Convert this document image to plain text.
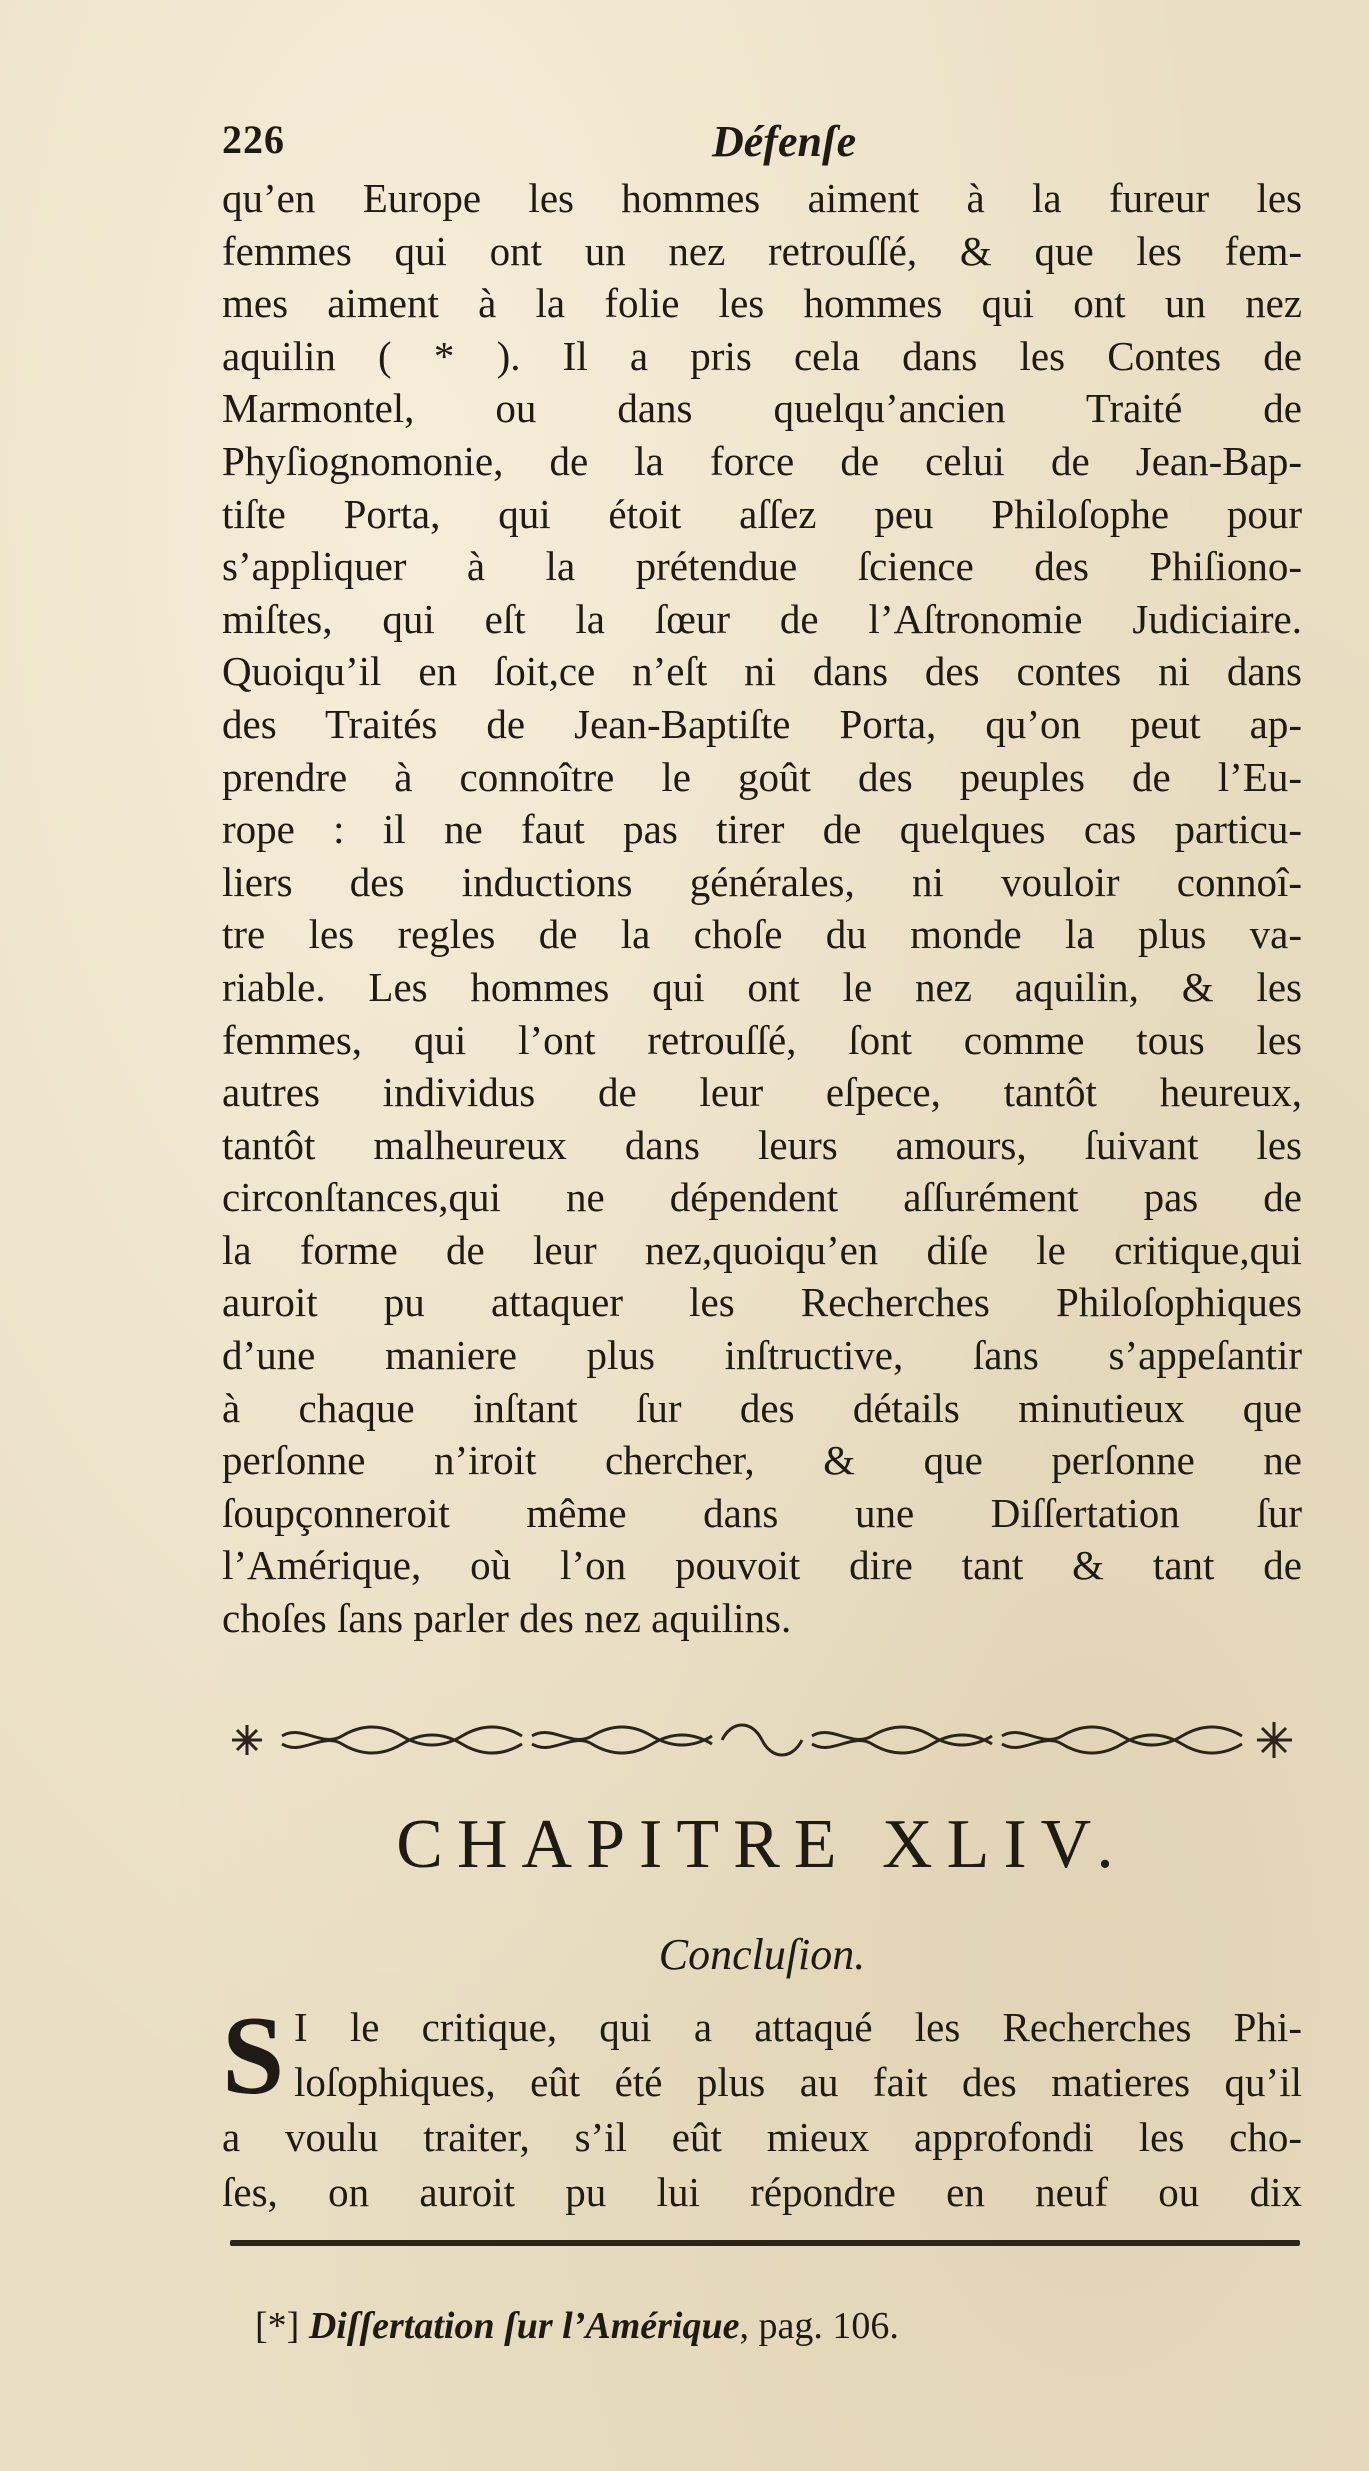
226	Défenſe
qu’en Europe les hommes aiment à la fureur les
femmes qui ont un nez retrouſſé, & que les fem-
mes aiment à la folie les hommes qui ont un nez
aquilin ( * ). Il a pris cela dans les Contes de
Marmontel, ou dans quelqu’ancien Traité de
Phyſiognomonie, de la force de celui de Jean-Bap-
tiſte Porta, qui étoit aſſez peu Philoſophe pour
s’appliquer à la prétendue ſcience des Phiſiono-
miſtes, qui eſt la ſœur de l’Aſtronomie Judiciaire.
Quoiqu’il en ſoit,ce n’eſt ni dans des contes ni dans
des Traités de Jean-Baptiſte Porta, qu’on peut ap-
prendre à connoître le goût des peuples de l’Eu-
rope : il ne faut pas tirer de quelques cas particu-
liers des inductions générales, ni vouloir connoî-
tre les regles de la choſe du monde la plus va-
riable. Les hommes qui ont le nez aquilin, & les
femmes, qui l’ont retrouſſé, ſont comme tous les
autres individus de leur eſpece, tantôt heureux,
tantôt malheureux dans leurs amours, ſuivant les
circonſtances,qui ne dépendent aſſurément pas de
la forme de leur nez,quoiqu’en diſe le critique,qui
auroit pu attaquer les Recherches Philoſophiques
d’une maniere plus inſtructive, ſans s’appeſantir
à chaque inſtant ſur des détails minutieux que
perſonne n’iroit chercher, & que perſonne ne
ſoupçonneroit même dans une Diſſertation ſur
l’Amérique, où l’on pouvoit dire tant & tant de
choſes ſans parler des nez aquilins.
CHAPITRE XLIV.
Concluſion.
S I le critique, qui a attaqué les Recherches Phi-
loſophiques, eût été plus au fait des matieres qu’il
a voulu traiter, s’il eût mieux approfondi les cho-
ſes, on auroit pu lui répondre en neuf ou dix
[*] Diſſertation ſur l’Amérique, pag. 106.
